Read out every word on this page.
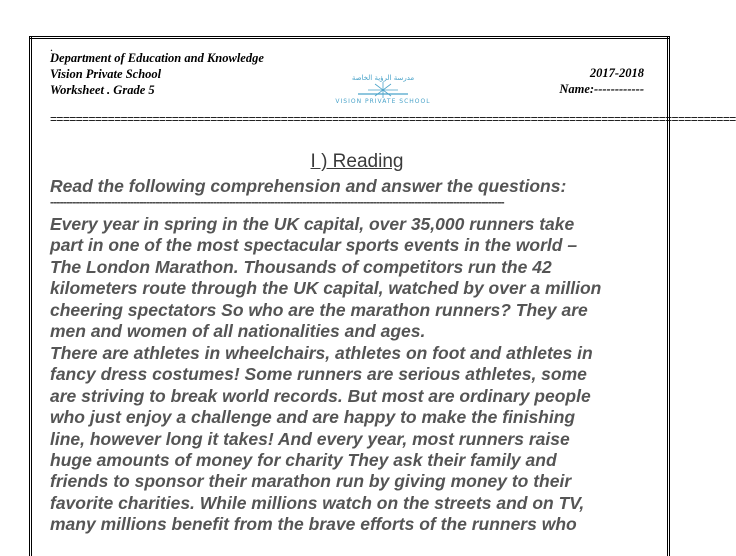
.
Department of Education and Knowledge
Vision Private School
Worksheet . Grade 5
2017-2018
Name:------------
مدرسة الرؤية الخاصة
VISION PRIVATE SCHOOL
===========================================================================================================
I ) Reading
Read the following comprehension and answer the questions:
----------------------------------------------------------------------------------------------------------------------------------------------
Every year in spring in the UK capital, over 35,000 runners take
part in one of the most spectacular sports events in the world –
The London Marathon. Thousands of competitors run the 42
kilometers route through the UK capital, watched by over a million
cheering spectators So who are the marathon runners? They are
men and women of all nationalities and ages.
There are athletes in wheelchairs, athletes on foot and athletes in
fancy dress costumes! Some runners are serious athletes, some
are striving to break world records. But most are ordinary people
who just enjoy a challenge and are happy to make the finishing
line, however long it takes! And every year, most runners raise
huge amounts of money for charity They ask their family and
friends to sponsor their marathon run by giving money to their
favorite charities. While millions watch on the streets and on TV,
many millions benefit from the brave efforts of the runners who
